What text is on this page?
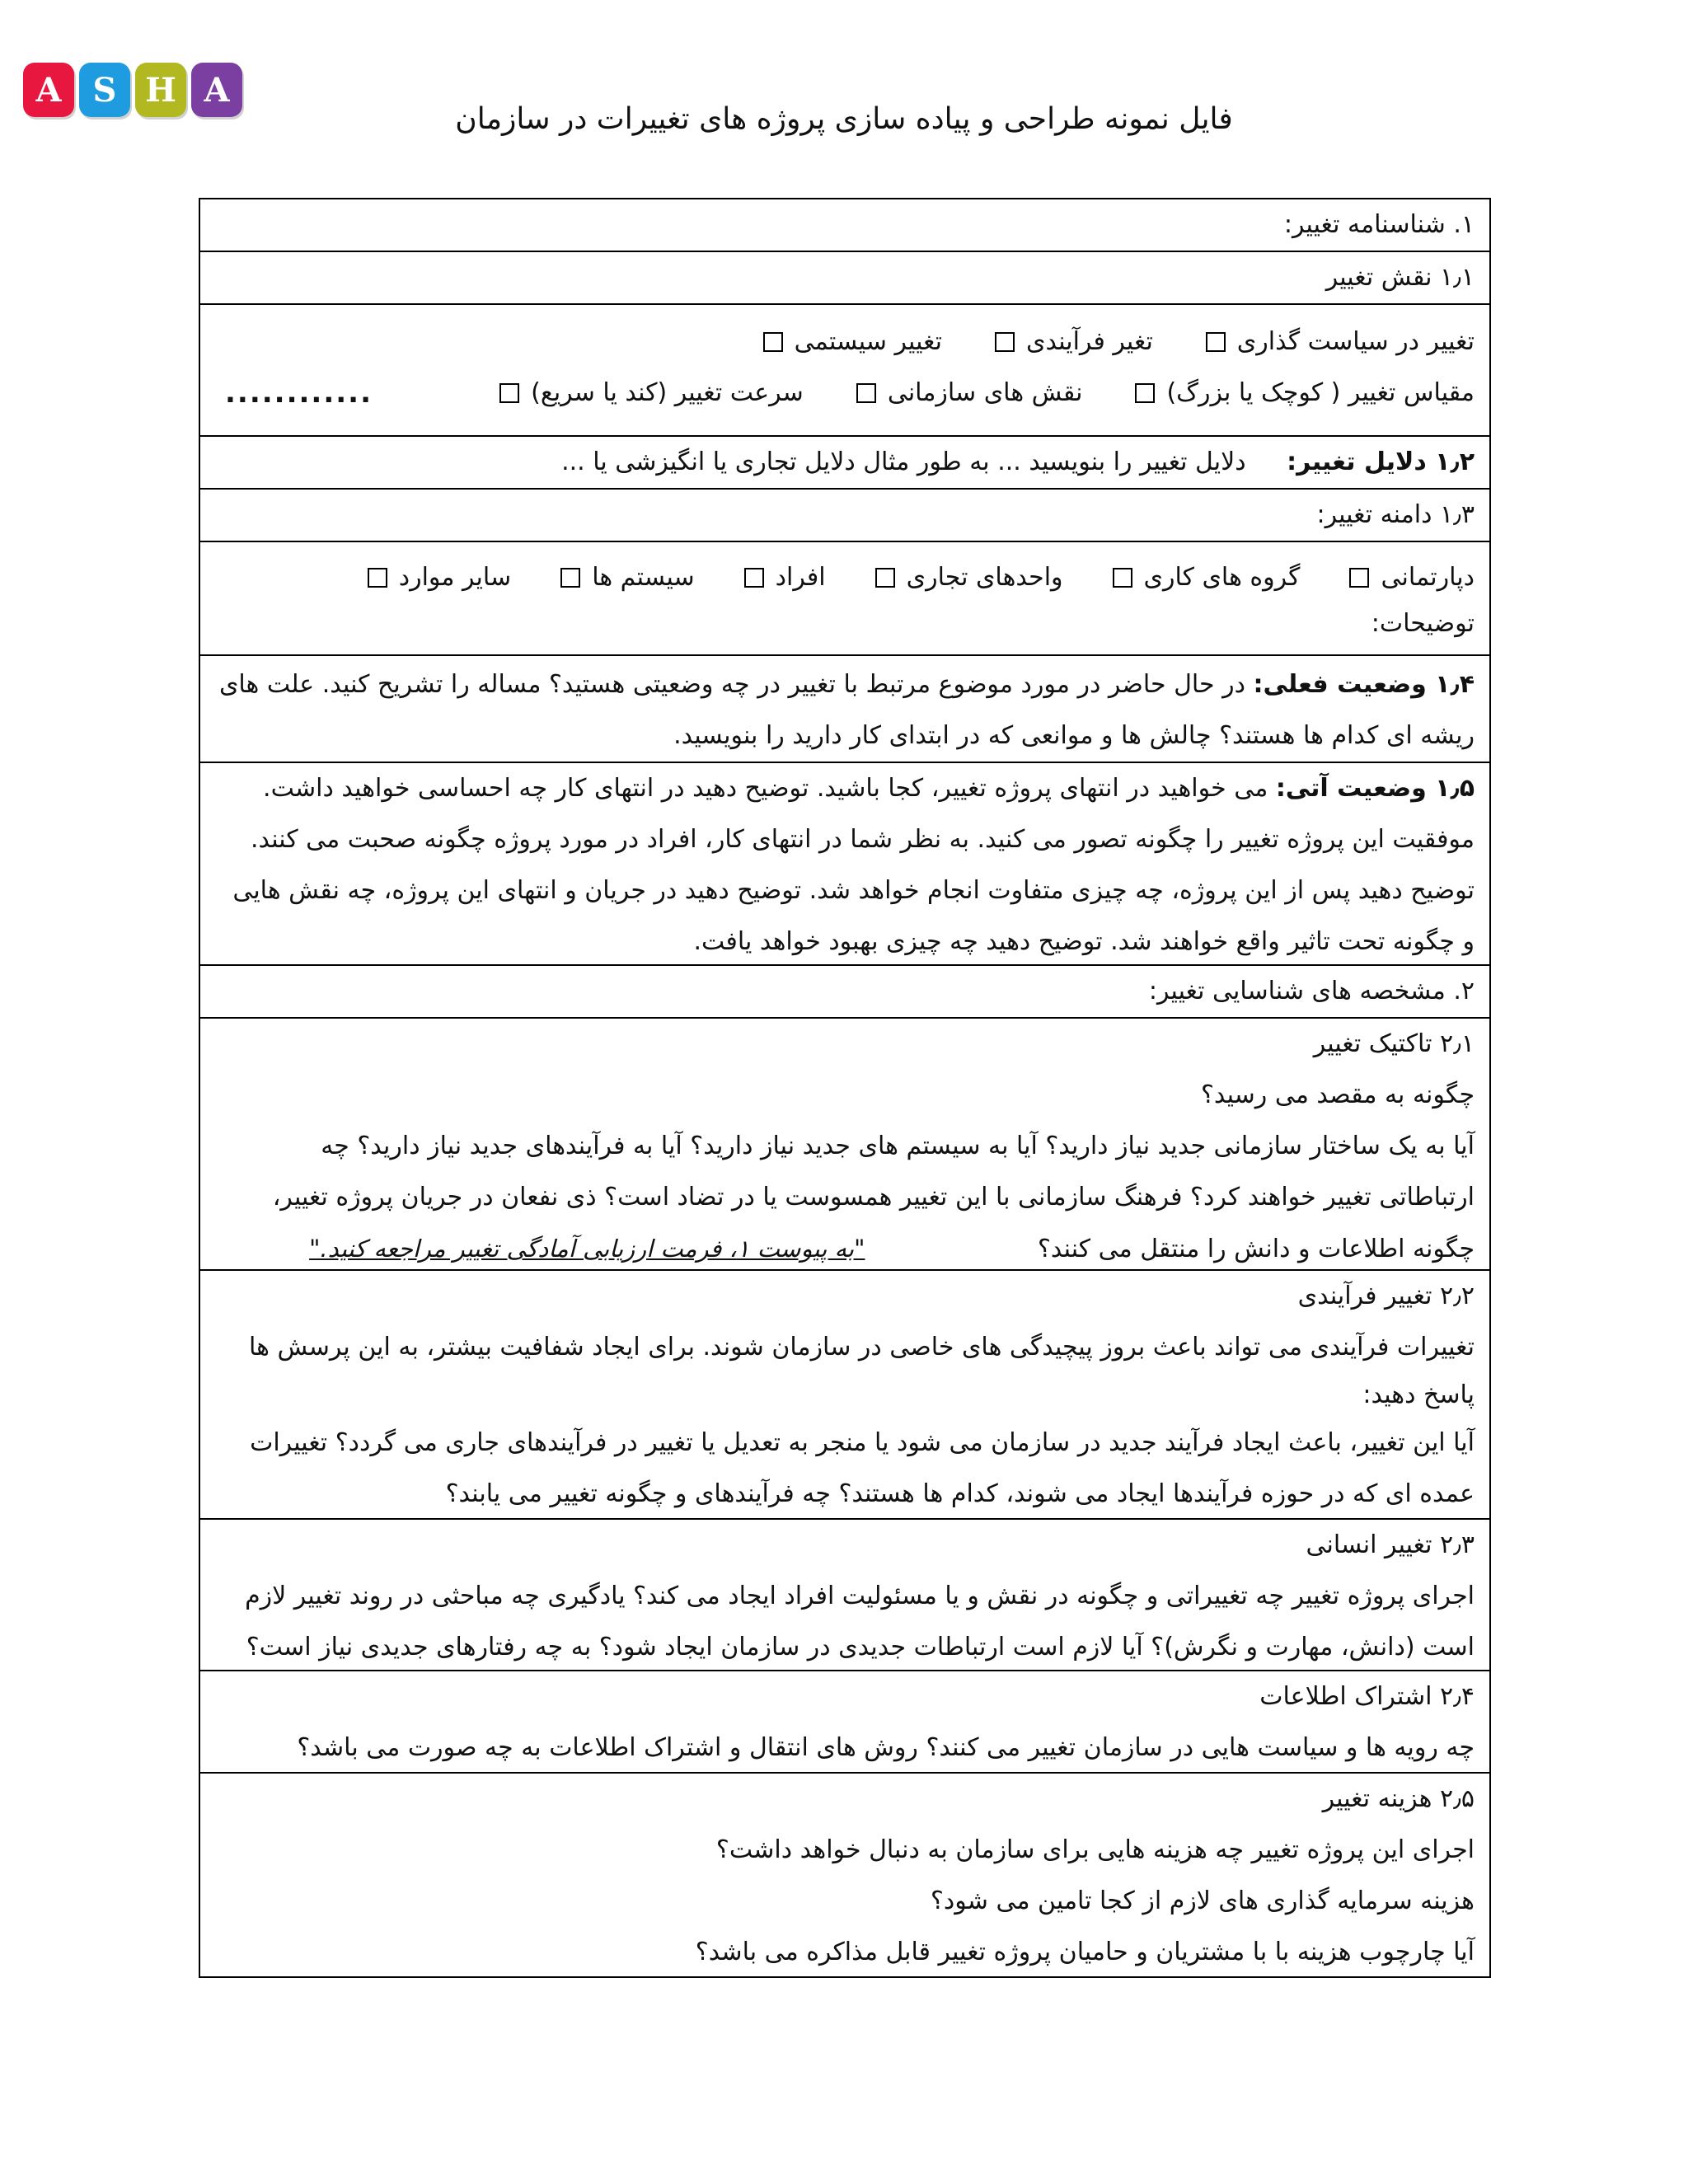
A S H A
فایل نمونه طراحی و پیاده سازی پروژه های تغییرات در سازمان
۱. شناسنامه تغییر:
۱٫۱ نقش تغییر
تغییر در سیاست گذاری
تغیر فرآیندی
تغییر سیستمی
مقیاس تغییر ( کوچک یا بزرگ)
نقش های سازمانی
سرعت تغییر (کند یا سریع)
............
۱٫۲ دلایل تغییر: دلایل تغییر را بنویسید ... به طور مثال دلایل تجاری یا انگیزشی یا ...
۱٫۳ دامنه تغییر:
دپارتمانی
گروه های کاری
واحدهای تجاری
افراد
سیستم ها
سایر موارد
توضیحات:
۱٫۴ وضعیت فعلی: در حال حاضر در مورد موضوع مرتبط با تغییر در چه وضعیتی هستید؟ مساله را تشریح کنید. علت های
ریشه ای کدام ها هستند؟ چالش ها و موانعی که در ابتدای کار دارید را بنویسید.
۱٫۵ وضعیت آتی: می خواهید در انتهای پروژه تغییر، کجا باشید. توضیح دهید در انتهای کار چه احساسی خواهید داشت.
موفقیت این پروژه تغییر را چگونه تصور می کنید. به نظر شما در انتهای کار، افراد در مورد پروژه چگونه صحبت می کنند.
توضیح دهید پس از این پروژه، چه چیزی متفاوت انجام خواهد شد. توضیح دهید در جریان و انتهای این پروژه، چه نقش هایی
و چگونه تحت تاثیر واقع خواهند شد. توضیح دهید چه چیزی بهبود خواهد یافت.
۲. مشخصه های شناسایی تغییر:
۲٫۱ تاکتیک تغییر
چگونه به مقصد می رسید؟
آیا به یک ساختار سازمانی جدید نیاز دارید؟ آیا به سیستم های جدید نیاز دارید؟ آیا به فرآیندهای جدید نیاز دارید؟ چه
ارتباطاتی تغییر خواهند کرد؟ فرهنگ سازمانی با این تغییر همسوست یا در تضاد است؟ ذی نفعان در جریان پروژه تغییر،
چگونه اطلاعات و دانش را منتقل می کنند؟ "به پیوست ۱، فرمت ارزیابی آمادگی تغییر مراجعه کنید."
۲٫۲ تغییر فرآیندی
تغییرات فرآیندی می تواند باعث بروز پیچیدگی های خاصی در سازمان شوند. برای ایجاد شفافیت بیشتر، به این پرسش ها
پاسخ دهید:
آیا این تغییر، باعث ایجاد فرآیند جدید در سازمان می شود یا منجر به تعدیل یا تغییر در فرآیندهای جاری می گردد؟ تغییرات
عمده ای که در حوزه فرآیندها ایجاد می شوند، کدام ها هستند؟ چه فرآیندهای و چگونه تغییر می یابند؟
۲٫۳ تغییر انسانی
اجرای پروژه تغییر چه تغییراتی و چگونه در نقش و یا مسئولیت افراد ایجاد می کند؟ یادگیری چه مباحثی در روند تغییر لازم
است (دانش، مهارت و نگرش)؟ آیا لازم است ارتباطات جدیدی در سازمان ایجاد شود؟ به چه رفتارهای جدیدی نیاز است؟
۲٫۴ اشتراک اطلاعات
چه رویه ها و سیاست هایی در سازمان تغییر می کنند؟ روش های انتقال و اشتراک اطلاعات به چه صورت می باشد؟
۲٫۵ هزینه تغییر
اجرای این پروژه تغییر چه هزینه هایی برای سازمان به دنبال خواهد داشت؟
هزینه سرمایه گذاری های لازم از کجا تامین می شود؟
آیا چارچوب هزینه با با مشتریان و حامیان پروژه تغییر قابل مذاکره می باشد؟
